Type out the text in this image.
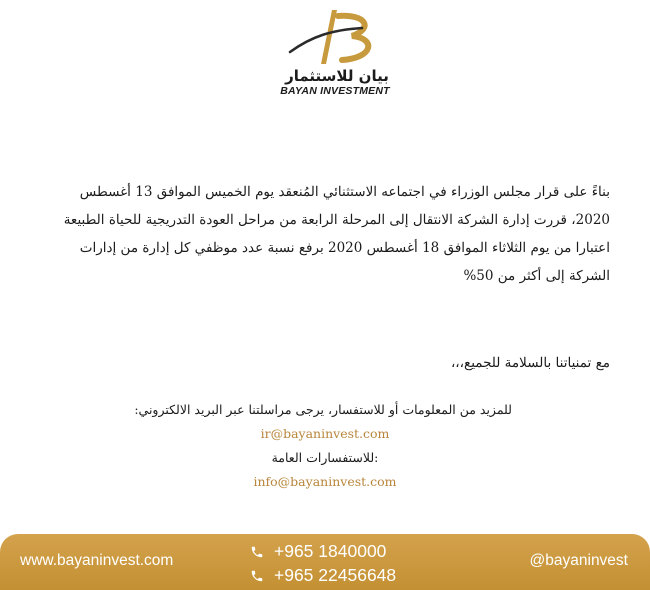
بيان للاستثمار
BAYAN INVESTMENT

بناءً على قرار مجلس الوزراء في اجتماعه الاستثنائي المُنعقد يوم الخميس الموافق 13 أغسطس

2020، قررت إدارة الشركة الانتقال إلى المرحلة الرابعة من مراحل العودة التدريجية للحياة الطبيعة

اعتبارا من يوم الثلاثاء الموافق 18 أغسطس 2020 برفع نسبة عدد موظفي كل إدارة من إدارات

الشركة إلى أكثر من 50%

مع تمنياتنا بالسلامة للجميع،،،
للمزيد من المعلومات أو للاستفسار، يرجى مراسلتنا عبر البريد الالكتروني:
ir@bayaninvest.com
للاستفسارات العامة:
info@bayaninvest.com
www.bayaninvest.com	+965 1840000
+965 22456648
@bayaninvest
